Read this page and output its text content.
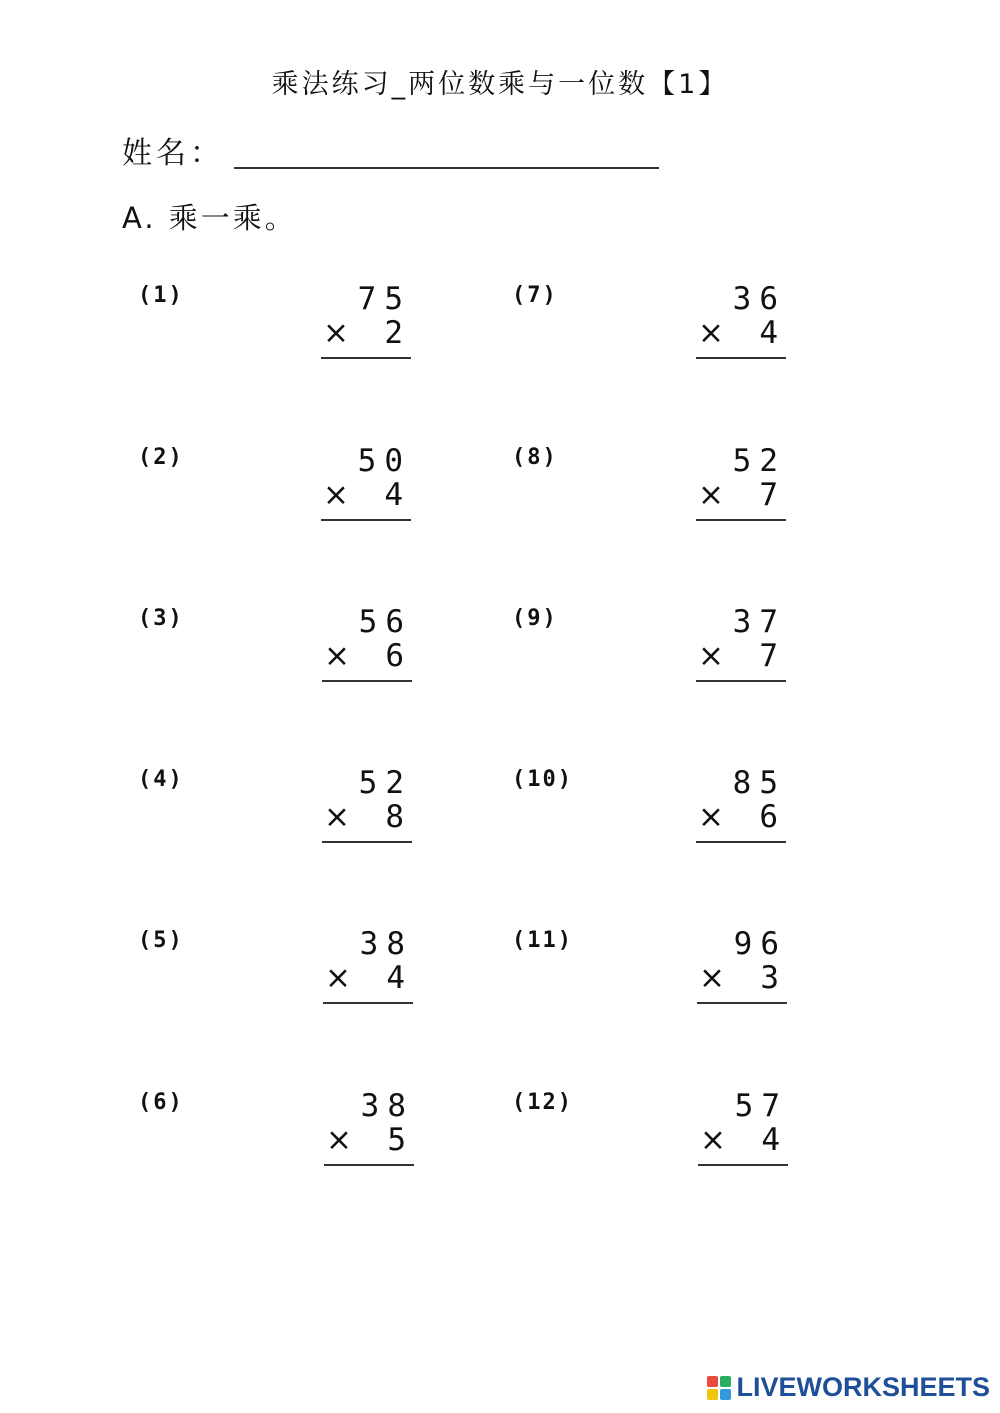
乘法练习_两位数乘与一位数【1】
姓名：
A. 乘一乘。
(1)	75
×	2
(2)	50
×	4
(3)	56
×	6
(4)	52
×	8
(5)	38
×	4
(6)	38
×	5
(7)	36
×	4
(8)	52
×	7
(9)	37
×	7
(10)	85
×	6
(11)	96
×	3
(12)	57
×	4
LIVEWORKSHEETS
